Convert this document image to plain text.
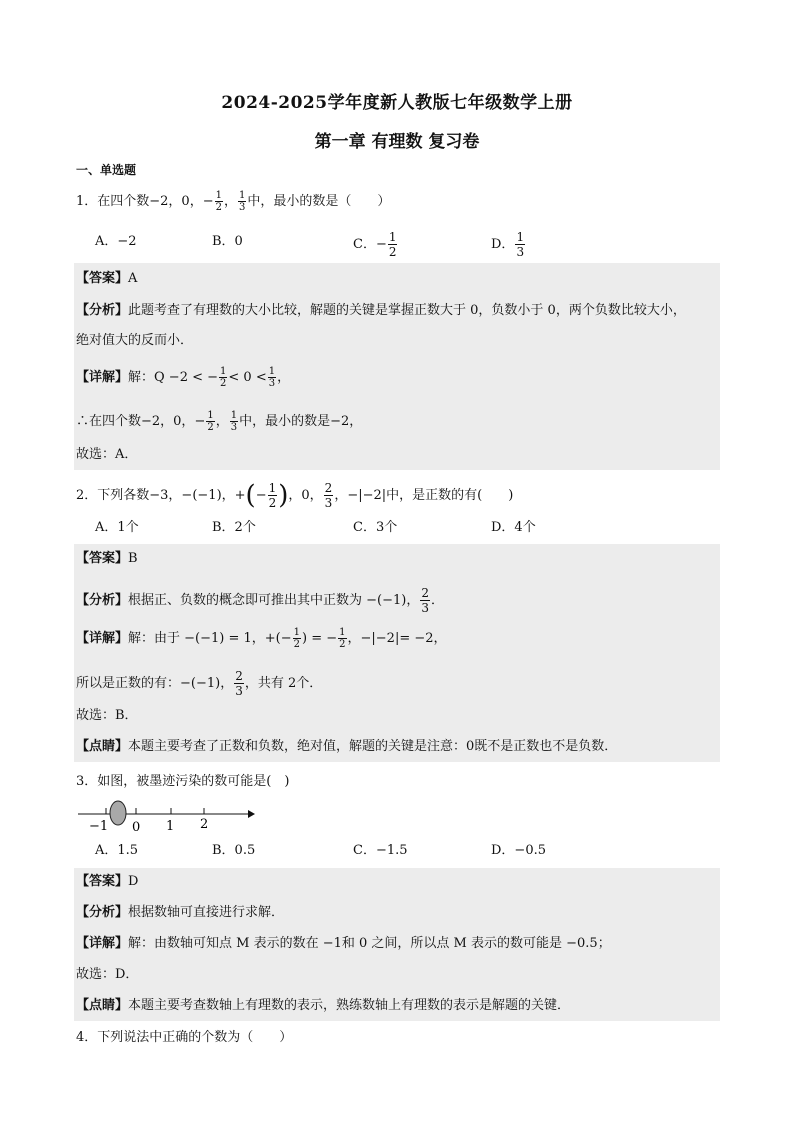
2024-2025学年度新人教版七年级数学上册
第一章 有理数 复习卷
一、单选题
1．在四个数−2，0，− $\frac{1}{2}$ ， $\frac{1}{3}$ 中，最小的数是（　　）
A．−2	B．0	C．− $\frac{1}{2}$	D． $\frac{1}{3}$
【答案】A
【分析】此题考查了有理数的大小比较，解题的关键是掌握正数大于 0，负数小于 0，两个负数比较大小，
绝对值大的反而小．
【详解】解：Q −2 < − $\frac{1}{2} < 0 < \frac{1}{3}$ ，
∴在四个数−2，0，− $\frac{1}{2}$ ， $\frac{1}{3}$ 中，最小的数是−2，
故选：A．
2．下列各数−3，−(−1)，+(− $\frac{1}{2}$ )，0， $\frac{2}{3}$ ，−|−2|中，是正数的有(　　)
A．1个	B．2个	C．3个	D．4个
【答案】B
【分析】根据正、负数的概念即可推出其中正数为 −(−1)， $\frac{2}{3}$ ．
【详解】解：由于 −(−1) = 1，+(− $\frac{1}{2}$ ) = − $\frac{1}{2}$ ，−|−2|= −2，
所以是正数的有：−(−1)， $\frac{2}{3}$ ，共有 2个．
故选：B．
【点睛】本题主要考查了正数和负数，绝对值，解题的关键是注意：0既不是正数也不是负数．
3．如图，被墨迹污染的数可能是(　)
−1 0 1 2
A．1.5	B．0.5	C．−1.5	D．−0.5
【答案】D
【分析】根据数轴可直接进行求解．
【详解】解：由数轴可知点 M 表示的数在 −1和 0 之间，所以点 M 表示的数可能是 −0.5；
故选：D．
【点睛】本题主要考查数轴上有理数的表示，熟练数轴上有理数的表示是解题的关键．
4．下列说法中正确的个数为（　　）
